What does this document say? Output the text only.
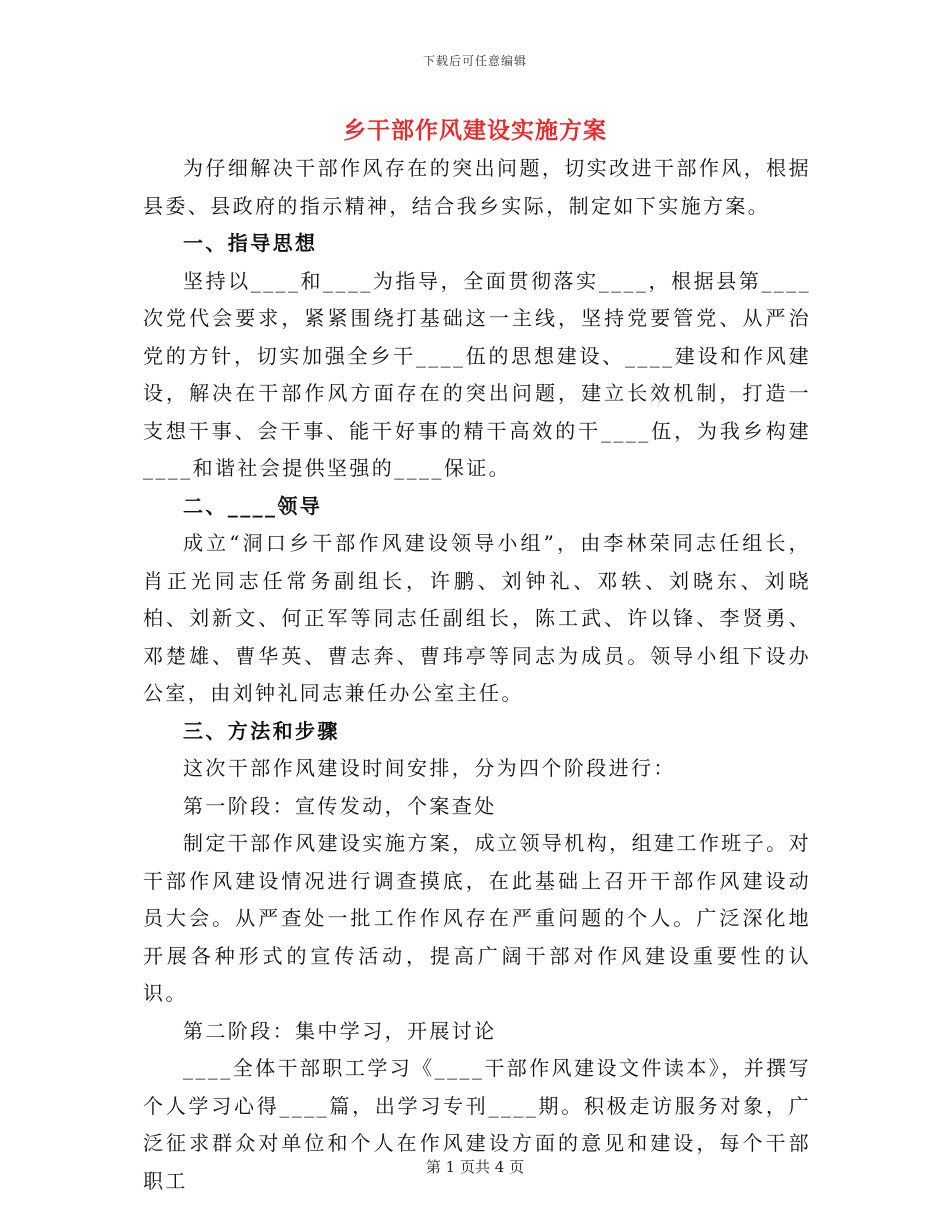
下载后可任意编辑
乡干部作风建设实施方案

为仔细解决干部作风存在的突出问题，切实改进干部作风，根据县委、县政府的指示精神，结合我乡实际，制定如下实施方案。

一、指导思想

坚持以____和____为指导，全面贯彻落实____，根据县第____次党代会要求，紧紧围绕打基础这一主线，坚持党要管党、从严治党的方针，切实加强全乡干____伍的思想建设、____建设和作风建设，解决在干部作风方面存在的突出问题，建立长效机制，打造一支想干事、会干事、能干好事的精干高效的干____伍，为我乡构建____和谐社会提供坚强的____保证。

二、____领导

成立“洞口乡干部作风建设领导小组”，由李林荣同志任组长，肖正光同志任常务副组长，许鹏、刘钟礼、邓轶、刘晓东、刘晓柏、刘新文、何正军等同志任副组长，陈工武、许以锋、李贤勇、邓楚雄、曹华英、曹志奔、曹玮亭等同志为成员。领导小组下设办公室，由刘钟礼同志兼任办公室主任。

三、方法和步骤

这次干部作风建设时间安排，分为四个阶段进行：

第一阶段：宣传发动，个案查处

制定干部作风建设实施方案，成立领导机构，组建工作班子。对干部作风建设情况进行调查摸底，在此基础上召开干部作风建设动员大会。从严查处一批工作作风存在严重问题的个人。广泛深化地开展各种形式的宣传活动，提高广阔干部对作风建设重要性的认识。

第二阶段：集中学习，开展讨论

____全体干部职工学习《____干部作风建设文件读本》，并撰写个人学习心得____篇，出学习专刊____期。积极走访服务对象，广泛征求群众对单位和个人在作风建设方面的意见和建设，每个干部职工

第 1 页共 4 页
